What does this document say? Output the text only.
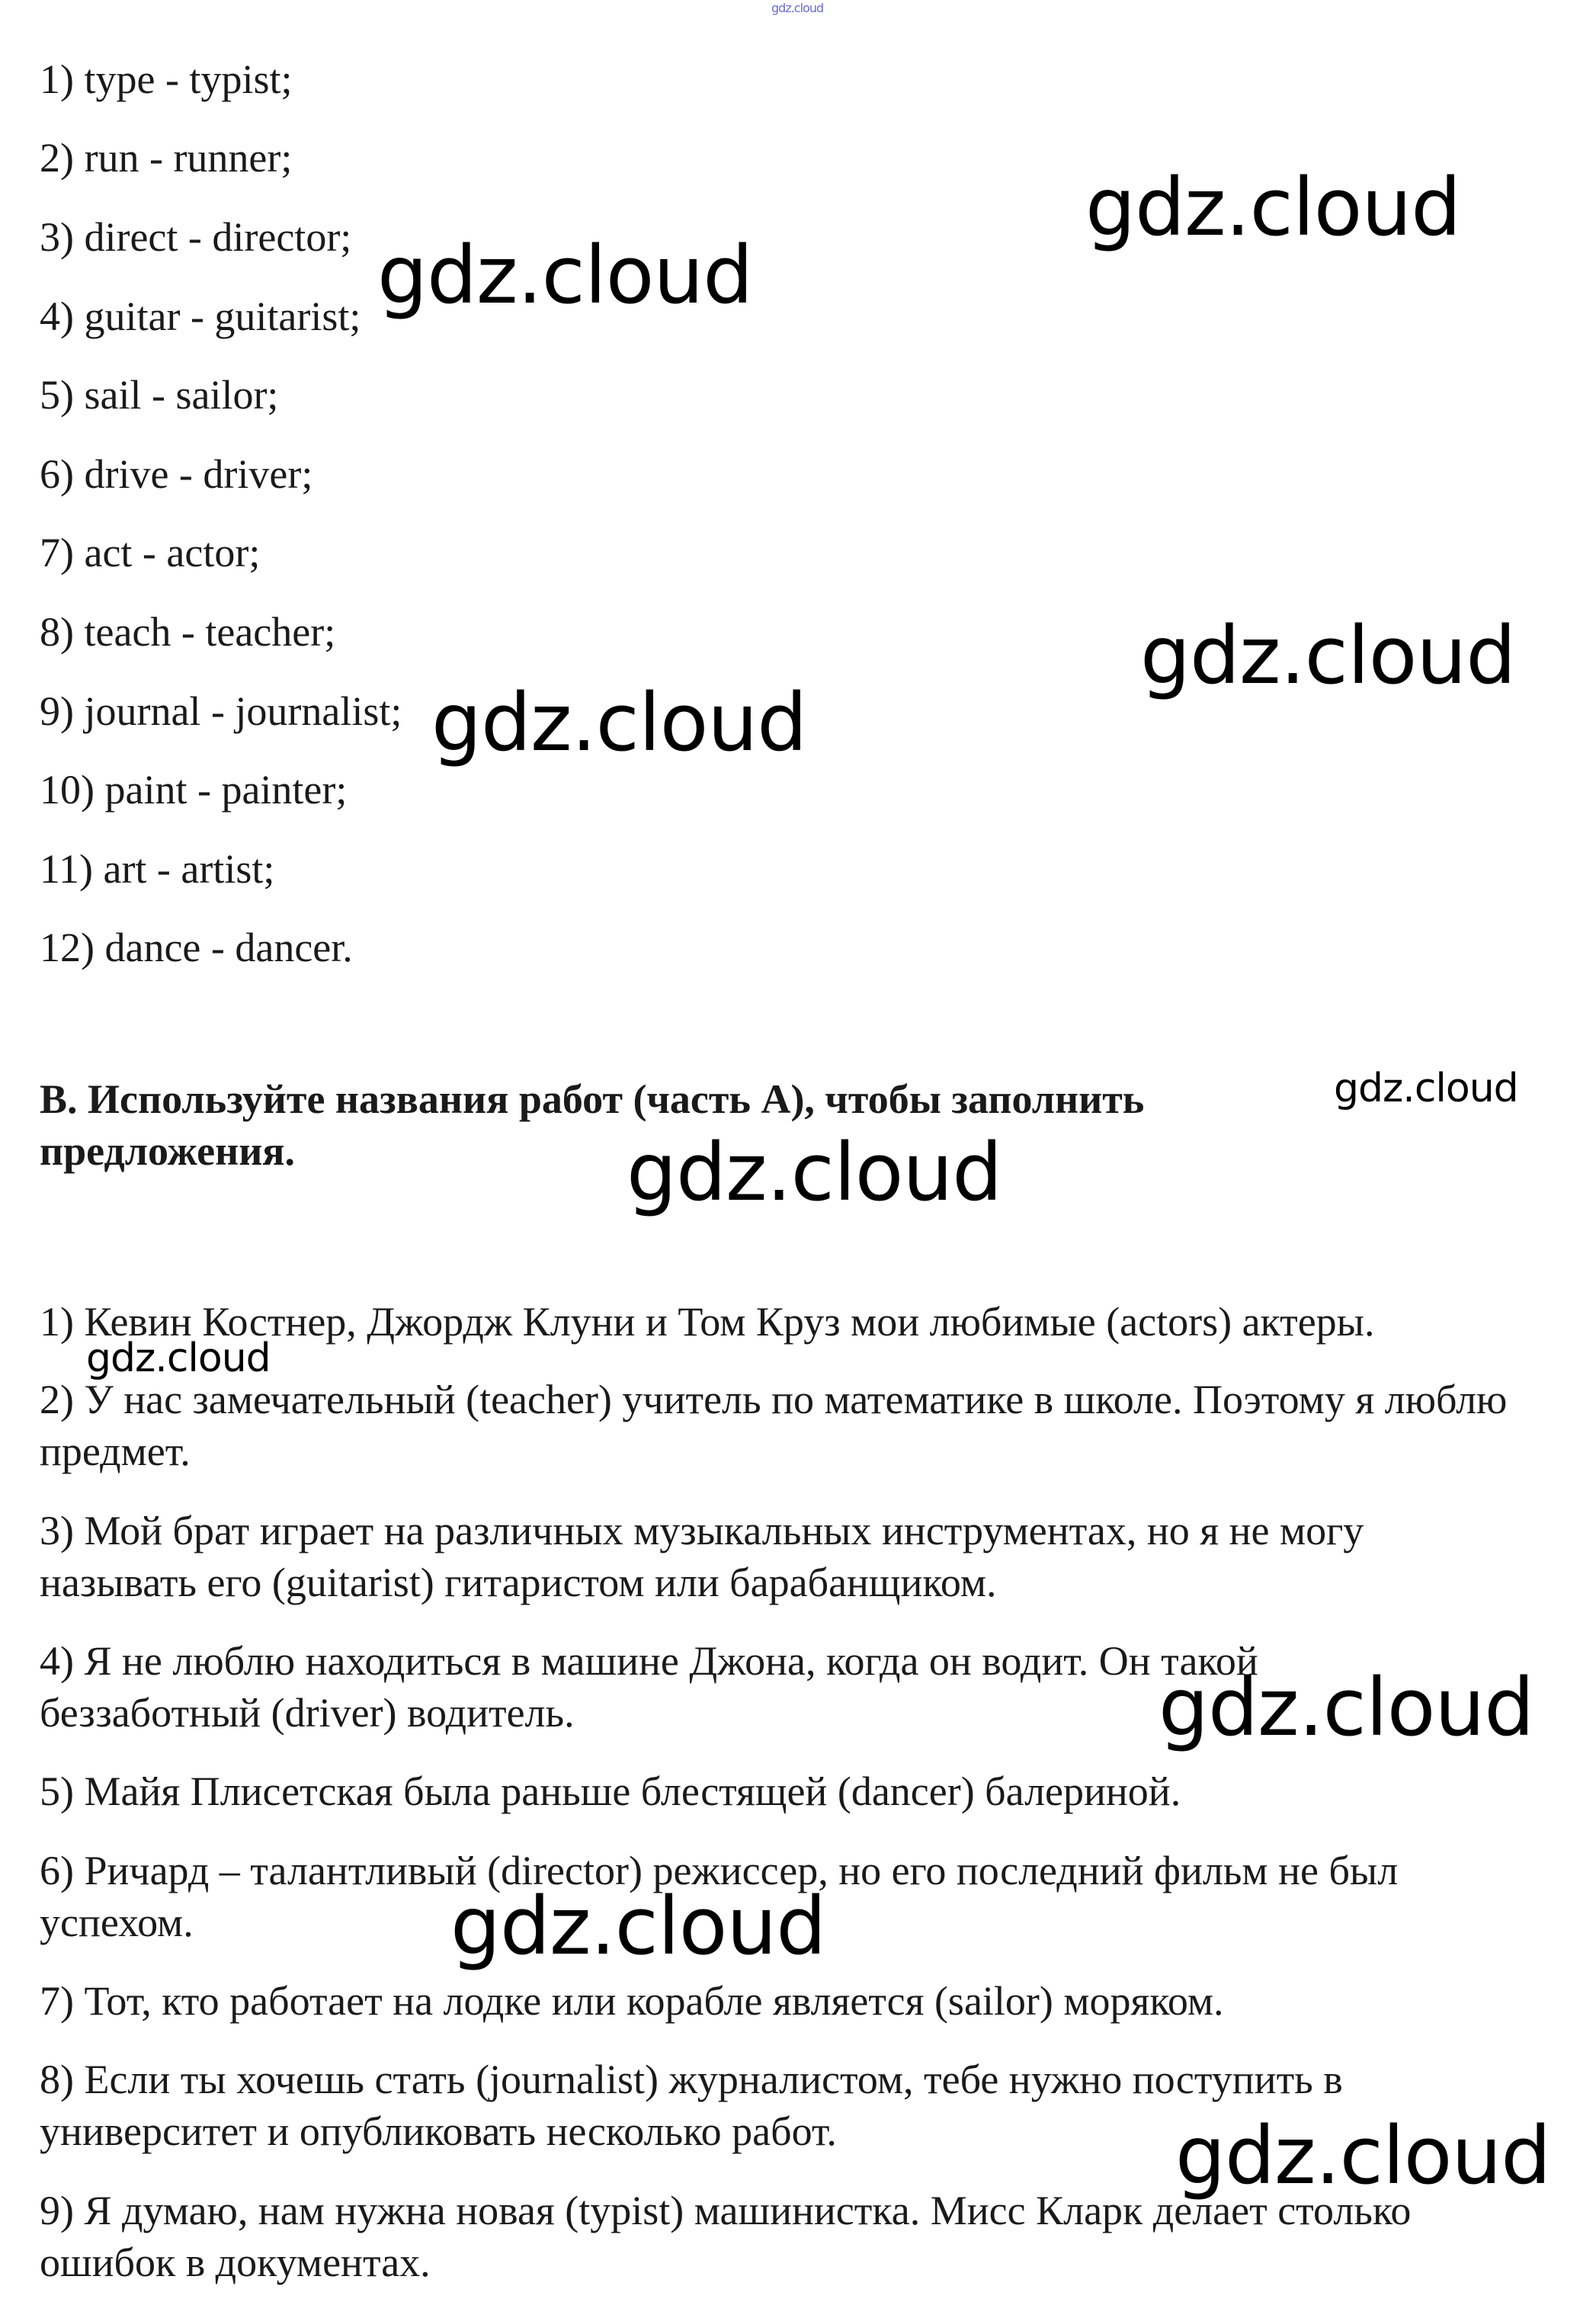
gdz.cloud

1) type - typist;

2) run - runner;

3) direct - director;

4) guitar - guitarist;

5) sail - sailor;

6) drive - driver;

7) act - actor;

8) teach - teacher;

9) journal - journalist;

10) paint - painter;

11) art - artist;

12) dance - dancer.

B. Используйте названия работ (часть А), чтобы заполнить предложения.
1) Кевин Костнер, Джордж Клуни и Том Круз мои любимые (actors) актеры.
2) У нас замечательный (teacher) учитель по математике в школе. Поэтому я люблю предмет.
3) Мой брат играет на различных музыкальных инструментах, но я не могу называть его (guitarist) гитаристом или барабанщиком.
4) Я не люблю находиться в машине Джона, когда он водит. Он такой беззаботный (driver) водитель.
5) Майя Плисетская была раньше блестящей (dancer) балериной.
6) Ричард – талантливый (director) режиссер, но его последний фильм не был успехом.
7) Тот, кто работает на лодке или корабле является (sailor) моряком.
8) Если ты хочешь стать (journalist) журналистом, тебе нужно поступить в университет и опубликовать несколько работ.
9) Я думаю, нам нужна новая (typist) машинистка. Мисс Кларк делает столько ошибок в документах.
gdz.cloud
gdz.cloud
gdz.cloud
gdz.cloud
gdz.cloud
gdz.cloud
gdz.cloud
gdz.cloud
gdz.cloud
gdz.cloud
